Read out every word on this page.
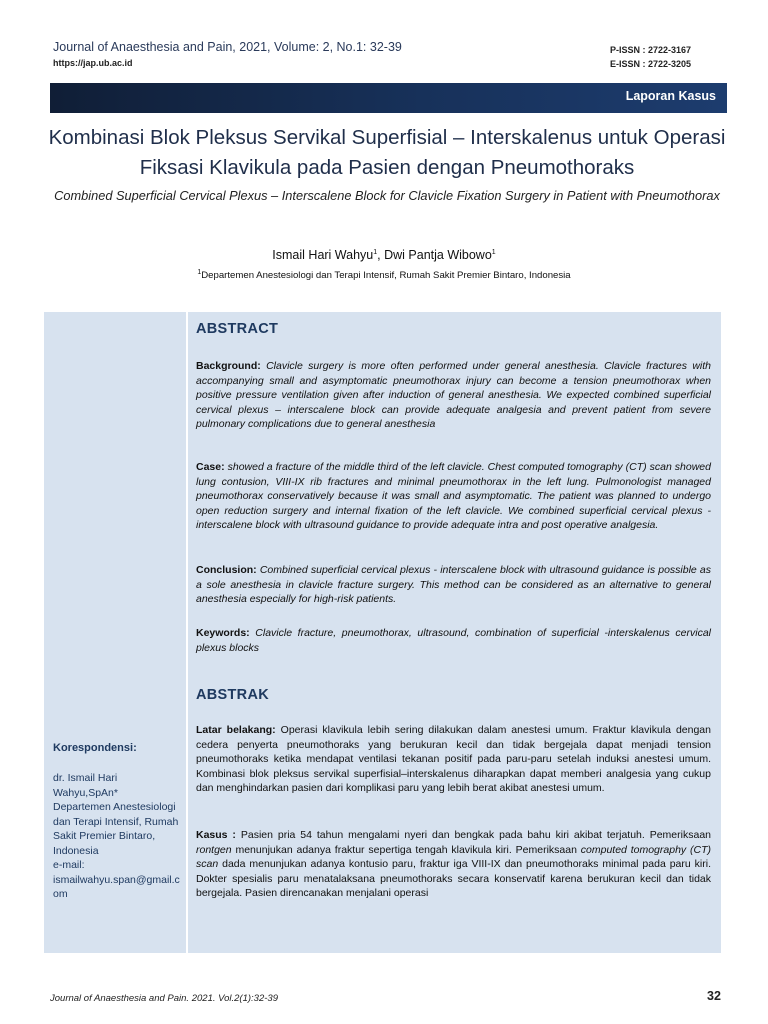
Journal of Anaesthesia and Pain, 2021, Volume: 2, No.1: 32-39
https://jap.ub.ac.id
P-ISSN : 2722-3167
E-ISSN : 2722-3205
Laporan Kasus
Kombinasi Blok Pleksus Servikal Superfisial – Interskalenus untuk Operasi Fiksasi Klavikula pada Pasien dengan Pneumothoraks
Combined Superficial Cervical Plexus – Interscalene Block for Clavicle Fixation Surgery in Patient with Pneumothorax
Ismail Hari Wahyu$^1$, Dwi Pantja Wibowo$^1$
$^1$Departemen Anestesiologi dan Terapi Intensif, Rumah Sakit Premier Bintaro, Indonesia
Korespondensi:
dr. Ismail Hari Wahyu,SpAn*
Departemen Anestesiologi dan Terapi Intensif, Rumah Sakit Premier Bintaro, Indonesia
e-mail:
ismailwahyu.span@gmail.com
ABSTRACT
Background: Clavicle surgery is more often performed under general anesthesia. Clavicle fractures with accompanying small and asymptomatic pneumothorax injury can become a tension pneumothorax when positive pressure ventilation given after induction of general anesthesia. We expected combined superficial cervical plexus – interscalene block can provide adequate analgesia and prevent patient from severe pulmonary complications due to general anesthesia
Case: showed a fracture of the middle third of the left clavicle. Chest computed tomography (CT) scan showed lung contusion, VIII-IX rib fractures and minimal pneumothorax in the left lung. Pulmonologist managed pneumothorax conservatively because it was small and asymptomatic. The patient was planned to undergo open reduction surgery and internal fixation of the left clavicle. We combined superficial cervical plexus - interscalene block with ultrasound guidance to provide adequate intra and post operative analgesia.
Conclusion: Combined superficial cervical plexus - interscalene block with ultrasound guidance is possible as a sole anesthesia in clavicle fracture surgery. This method can be considered as an alternative to general anesthesia especially for high-risk patients.
Keywords: Clavicle fracture, pneumothorax, ultrasound, combination of superficial -interskalenus cervical plexus blocks
ABSTRAK
Latar belakang: Operasi klavikula lebih sering dilakukan dalam anestesi umum. Fraktur klavikula dengan cedera penyerta pneumothoraks yang berukuran kecil dan tidak bergejala dapat menjadi tension pneumothoraks ketika mendapat ventilasi tekanan positif pada paru-paru setelah induksi anestesi umum. Kombinasi blok pleksus servikal superfisial–interskalenus diharapkan dapat memberi analgesia yang cukup dan menghindarkan pasien dari komplikasi paru yang lebih berat akibat anestesi umum.
Kasus : Pasien pria 54 tahun mengalami nyeri dan bengkak pada bahu kiri akibat terjatuh. Pemeriksaan rontgen menunjukan adanya fraktur sepertiga tengah klavikula kiri. Pemeriksaan computed tomography (CT) scan dada menunjukan adanya kontusio paru, fraktur iga VIII-IX dan pneumothoraks minimal pada paru kiri. Dokter spesialis paru menatalaksana pneumothoraks secara konservatif karena berukuran kecil dan tidak bergejala. Pasien direncanakan menjalani operasi
Journal of Anaesthesia and Pain. 2021. Vol.2(1):32-39	32
